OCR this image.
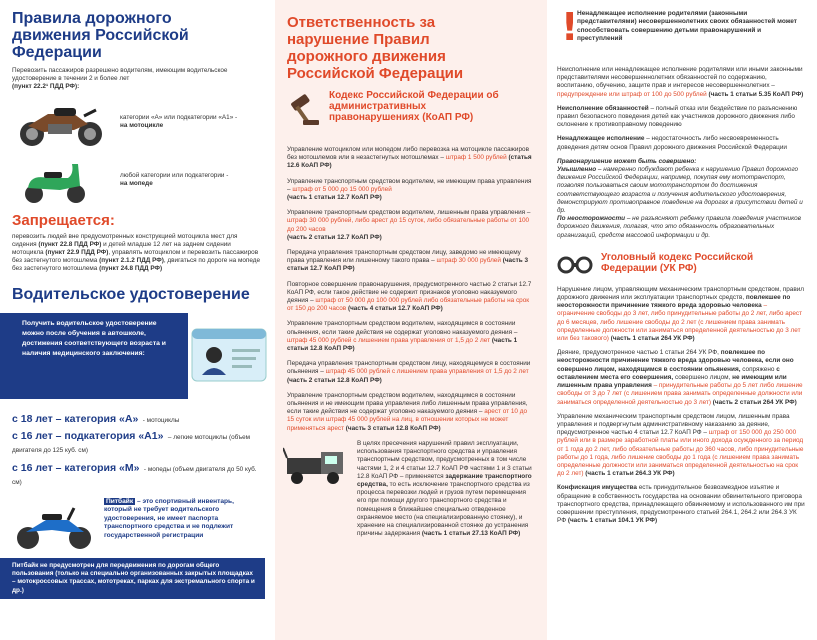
Правила дорожного движения Российской Федерации

Перевозить пассажиров разрешено водителям, имеющим водительское удостоверение в течении 2 и более лет
(пункт 22.2¹ ПДД РФ):

категории «А» или подкатегории «А1» -
на мотоцикле

любой категории или подкатегории -
на мопеде

Запрещается:

перевозить людей вне предусмотренных конструкцией мотоцикла мест для сидения (пункт 22.8 ПДД РФ) и детей младше 12 лет на заднем сидении мотоцикла (пункт 22.9 ПДД РФ), управлять мотоциклом и перевозить пассажиров без застегнутого мотошлема (пункт 2.1.2 ПДД РФ), двигаться по дороге на мопеде без застегнутого мотошлема (пункт 24.8 ПДД РФ)

Водительское удостоверение

Получить водительское удостоверение можно после обучения в автошколе, достижения соответствующего возраста и наличия медицинского заключения:

с 18 лет – категория «А» - мотоциклы

с 16 лет – подкатегория «А1» – легкие мотоциклы (объем двигателя до 125 куб. см)

с 16 лет – категория «М» - мопеды (объем двигателя до 50 куб. см)

Питбайк – это спортивный инвентарь, который не требует водительского удостоверения, не имеет паспорта транспортного средства и не подлежит государственной регистрации

Питбайк не предусмотрен для передвижения по дорогам общего пользования (только на специально организованных закрытых площадках – мотокроссовых трассах, мототреках, парках для экстремального спорта и др.)

Ответственность за нарушение Правил дорожного движения Российской Федерации

Кодекс Российской Федерации об административных правонарушениях (КоАП РФ)

Управление мотоциклом или мопедом либо перевозка на мотоцикле пассажиров без мотошлемов или в незастегнутых мотошлемах – штраф 1 500 рублей (статья 12.6 КоАП РФ)

Управление транспортным средством водителем, не имеющим права управления – штраф от 5 000 до 15 000 рублей
(часть 1 статьи 12.7 КоАП РФ)

Управление транспортным средством водителем, лишенным права управления – штраф 30 000 рублей, либо арест до 15 суток, либо обязательные работы от 100 до 200 часов
(часть 2 статьи 12.7 КоАП РФ)

Передача управления транспортным средством лицу, заведомо не имеющему права управления или лишенному такого права – штраф 30 000 рублей (часть 3 статьи 12.7 КоАП РФ)

Повторное совершение правонарушения, предусмотренного частью 2 статьи 12.7 КоАП РФ, если такое действие не содержит признаков уголовно наказуемого деяния – штраф от 50 000 до 100 000 рублей либо обязательные работы на срок от 150 до 200 часов (часть 4 статьи 12.7 КоАП РФ)

Управление транспортным средством водителем, находящимся в состоянии опьянения, если такие действия не содержат уголовно наказуемого деяния – штраф 45 000 рублей с лишением права управления от 1,5 до 2 лет (часть 1 статьи 12.8 КоАП РФ)

Передача управления транспортным средством лицу, находящемуся в состоянии опьянения – штраф 45 000 рублей с лишением права управления от 1,5 до 2 лет (часть 2 статьи 12.8 КоАП РФ)

Управление транспортным средством водителем, находящимся в состоянии опьянения и не имеющим права управления либо лишенным права управления, если такие действия не содержат уголовно наказуемого деяния – арест от 10 до 15 суток или штраф 45 000 рублей на лиц, в отношении которых не может применяться арест (часть 3 статьи 12.8 КоАП РФ)

В целях пресечения нарушений правил эксплуатации, использования транспортного средства и управления транспортным средством, предусмотренных в том числе частями 1, 2 и 4 статьи 12.7 КоАП РФ частями 1 и 3 статьи 12.8 КоАП РФ – применяется задержание транспортного средства, то есть исключение транспортного средства из процесса перевозки людей и грузов путем перемещения его при помощи другого транспортного средства и помещения в ближайшее специально отведенное охраняемое место (на специализированную стоянку), и хранение на специализированной стоянке до устранения причины задержания (часть 1 статьи 27.13 КоАП РФ)

!

Ненадлежащее исполнение родителями (законными представителями) несовершеннолетних своих обязанностей может способствовать совершению детьми правонарушений и преступлений

Неисполнение или ненадлежащее исполнение родителями или иными законными представителями несовершеннолетних обязанностей по содержанию, воспитанию, обучению, защите прав и интересов несовершеннолетних – предупреждение или штраф от 100 до 500 рублей (часть 1 статьи 5.35 КоАП РФ)

Неисполнение обязанностей – полный отказ или бездействие по разъяснению правил безопасного поведения детей как участников дорожного движения либо склонение к противоправному поведению

Ненадлежащее исполнение – недостаточность либо несвоевременность доведения детям основ Правил дорожного движения Российской Федерации

Правонарушение может быть совершено:

Умышленно – намеренно побуждают ребенка к нарушению Правил дорожного движения Российской Федерации, например, покупая ему мототранспорт, позволяя пользоваться своим мототранспортом до достижения соответствующего возраста и получения водительского удостоверения, демонстрируют противоправное поведение на дорогах в присутствии детей и др.

По неосторожности – не разъясняют ребенку правила поведения участников дорожного движения, полагая, что это обязанность образовательных организаций, средств массовой информации и др.

Уголовный кодекс Российской Федерации (УК РФ)

Нарушение лицом, управляющим механическим транспортным средством, правил дорожного движения или эксплуатации транспортных средств, повлекшее по неосторожности причинение тяжкого вреда здоровью человека – ограничение свободы до 3 лет, либо принудительные работы до 2 лет, либо арест до 6 месяцев, либо лишение свободы до 2 лет (с лишением права занимать определенные должности или заниматься определенной деятельностью до 3 лет или без такового) (часть 1 статьи 264 УК РФ)

Деяние, предусмотренное частью 1 статьи 264 УК РФ, повлекшее по неосторожности причинение тяжкого вреда здоровью человека, если оно совершено лицом, находящимся в состоянии опьянения, сопряжено с оставлением места его совершения, совершено лицом, не имеющим или лишенным права управления – принудительные работы до 5 лет либо лишение свободы от 3 до 7 лет (с лишением права занимать определенные должности или заниматься определенной деятельностью до 3 лет) (часть 2 статьи 264 УК РФ)

Управление механическим транспортным средством лицом, лишенным права управления и подвергнутым административному наказанию за деяние, предусмотренное частью 4 статьи 12.7 КоАП РФ – штраф от 150 000 до 250 000 рублей или в размере заработной платы или иного дохода осужденного за период от 1 года до 2 лет, либо обязательные работы до 360 часов, либо принудительные работы до 1 года, либо лишение свободы до 1 года (с лишением права занимать определенные должности или заниматься определенной деятельностью на срок до 2 лет) (часть 1 статьи 264.3 УК РФ)

Конфискация имущества есть принудительное безвозмездное изъятие и обращение в собственность государства на основании обвинительного приговора транспортного средства, принадлежащего обвиняемому и использованного им при совершении преступления, предусмотренного статьей 264.1, 264.2 или 264.3 УК РФ (часть 1 статьи 104.1 УК РФ)
